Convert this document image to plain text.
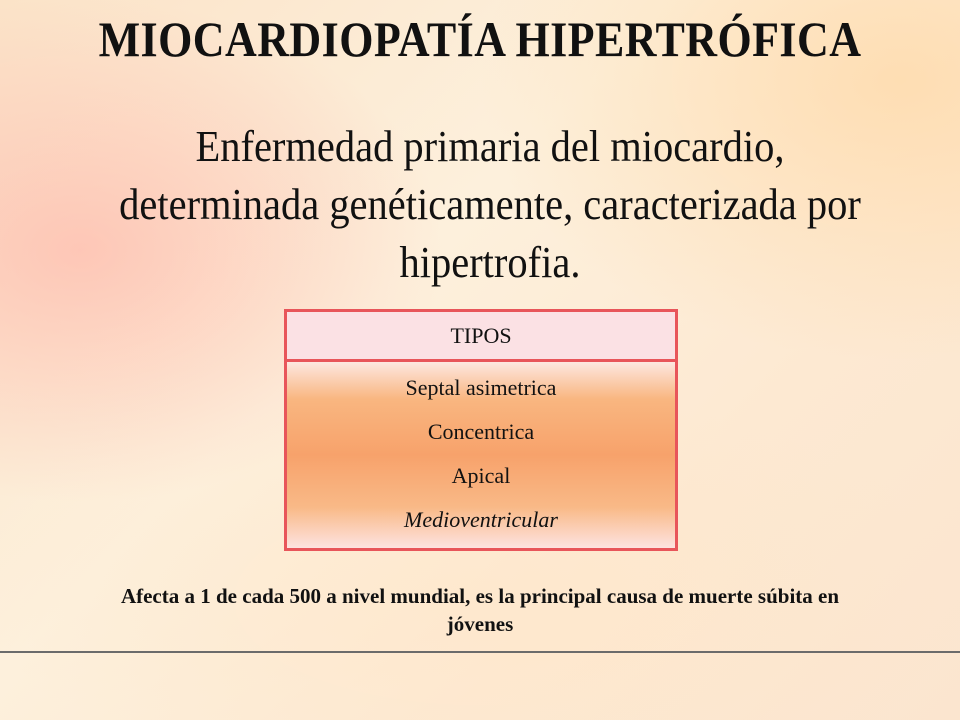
MIOCARDIOPATÍA HIPERTRÓFICA

Enfermedad primaria del miocardio, determinada genéticamente, caracterizada por hipertrofia.

TIPOS
Septal asimetrica
Concentrica
Apical
Medioventricular

Afecta a 1 de cada 500 a nivel mundial, es la principal causa de muerte súbita en jóvenes
